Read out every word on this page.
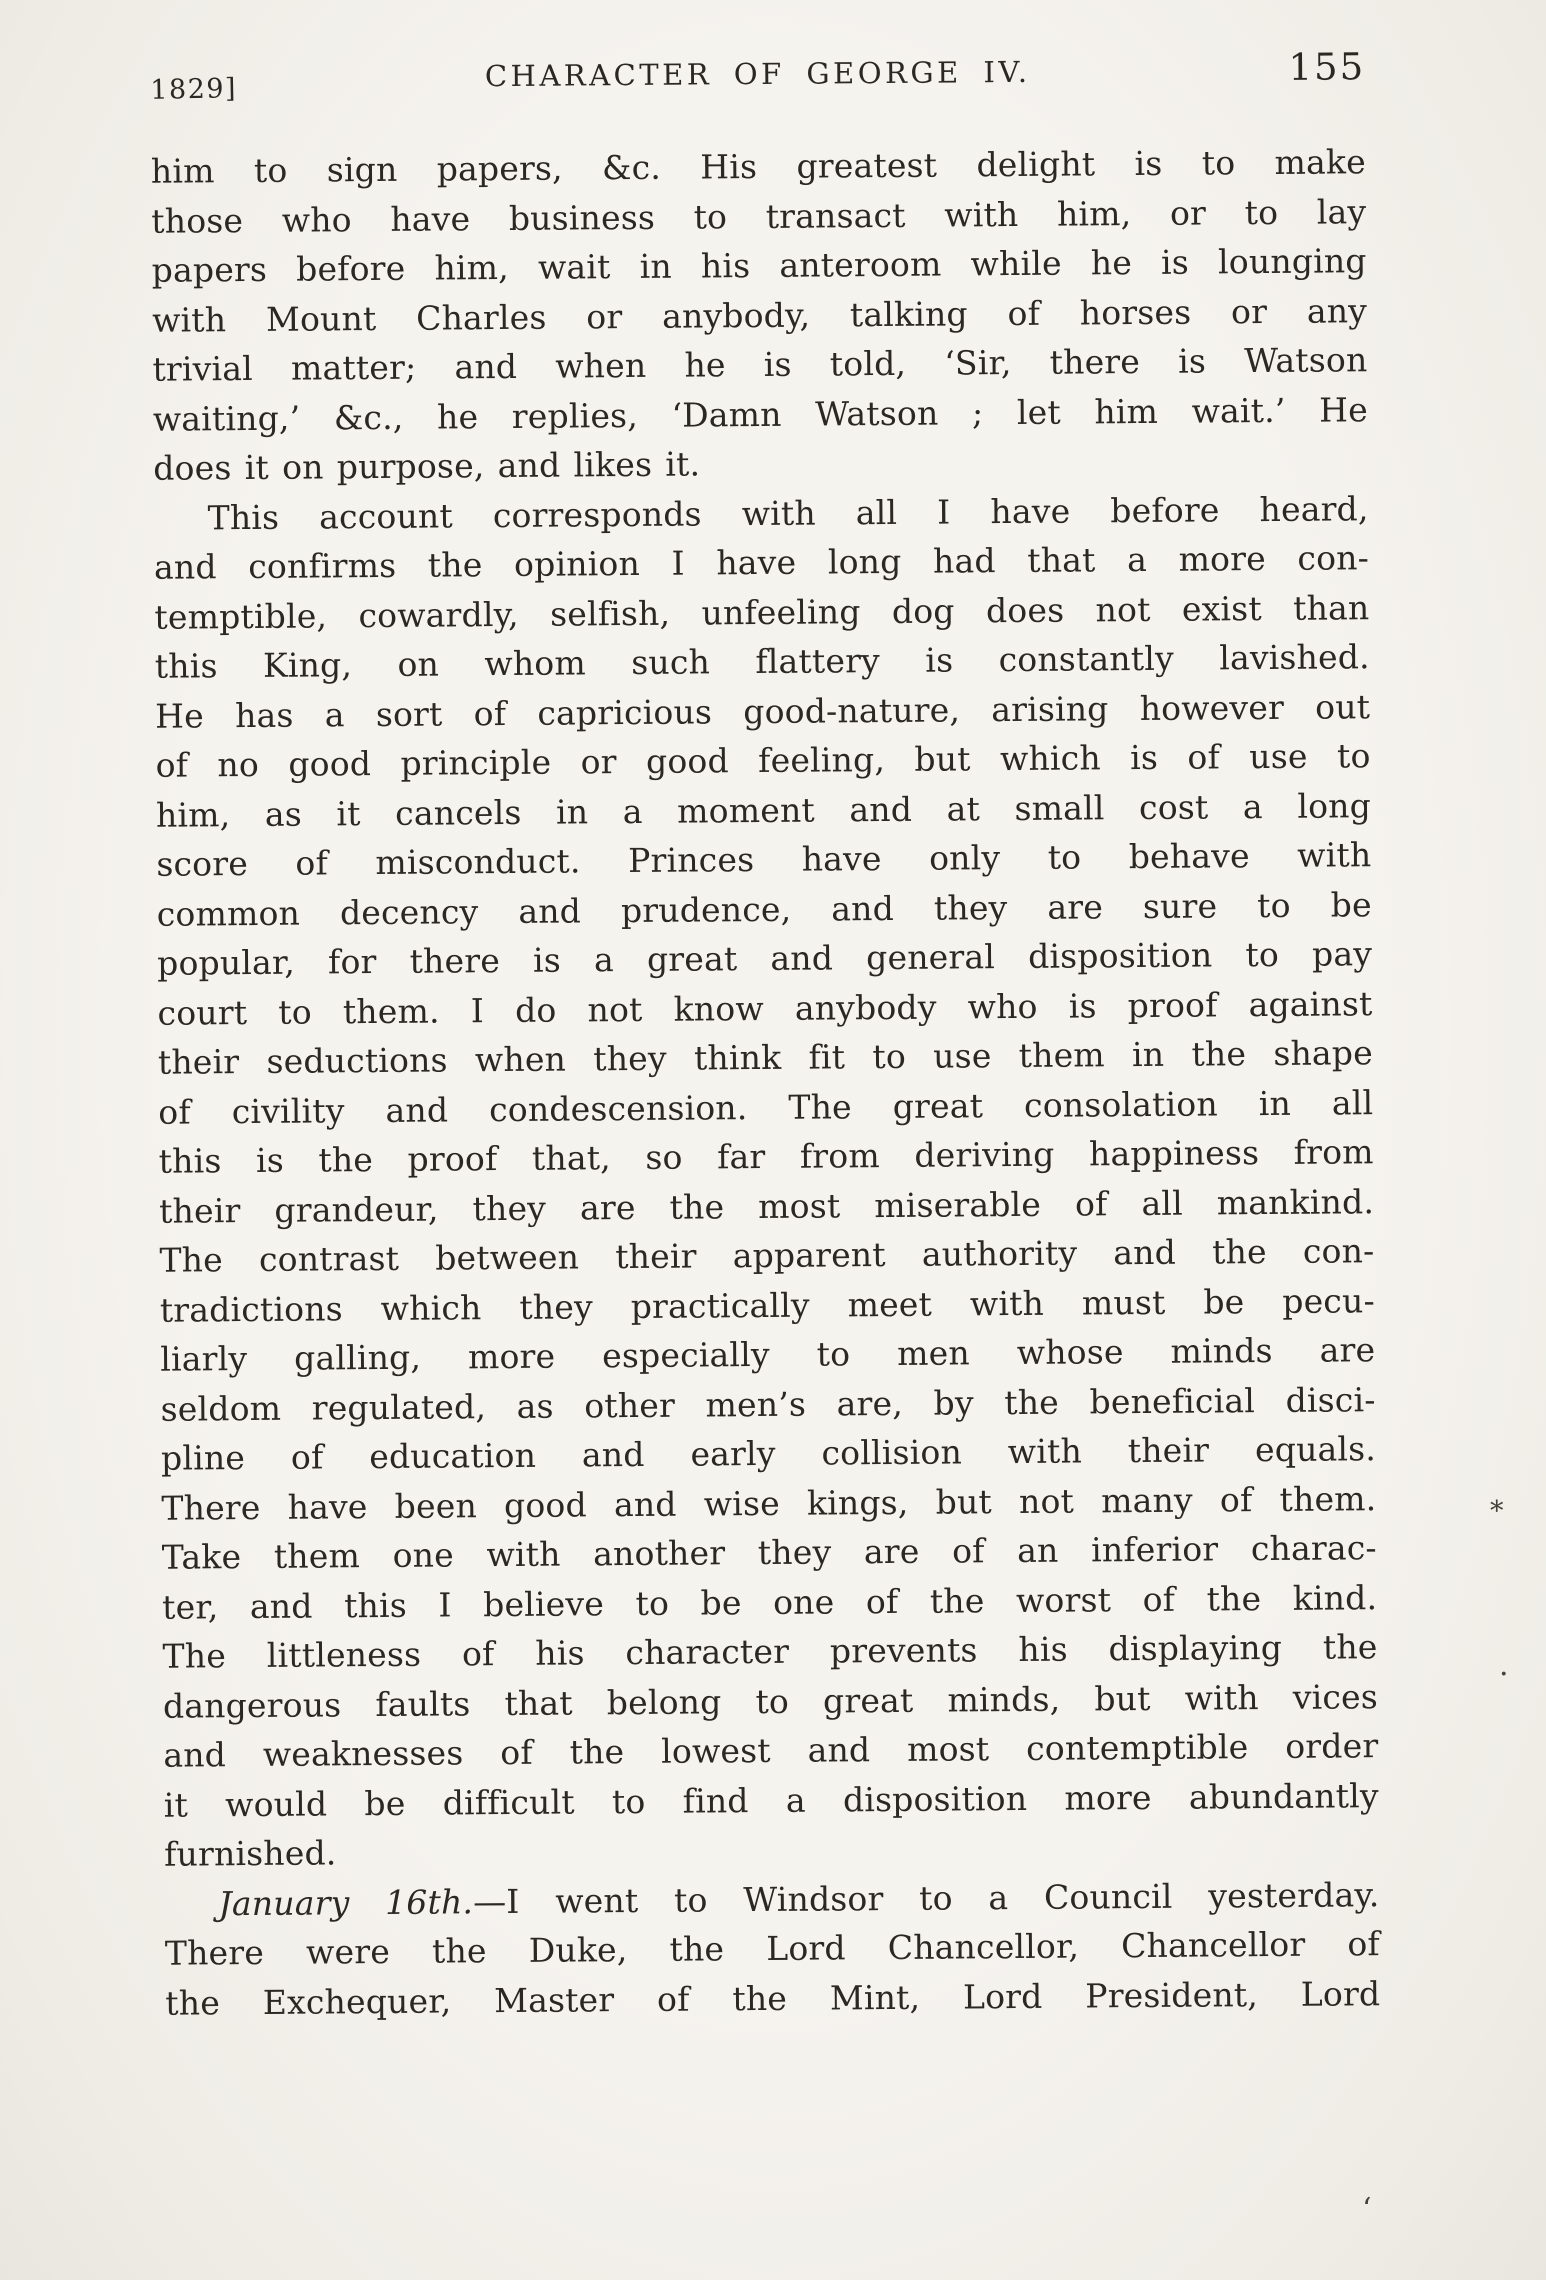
1829]	CHARACTER OF GEORGE IV.	155
him to sign papers, &c. His greatest delight is to make
those who have business to transact with him, or to lay
papers before him, wait in his anteroom while he is lounging
with Mount Charles or anybody, talking of horses or any
trivial matter; and when he is told, ‘Sir, there is Watson
waiting,’ &c., he replies, ‘Damn Watson ; let him wait.’ He
does it on purpose, and likes it.
This account corresponds with all I have before heard,
and confirms the opinion I have long had that a more con-
temptible, cowardly, selfish, unfeeling dog does not exist than
this King, on whom such flattery is constantly lavished.
He has a sort of capricious good-nature, arising however out
of no good principle or good feeling, but which is of use to
him, as it cancels in a moment and at small cost a long
score of misconduct. Princes have only to behave with
common decency and prudence, and they are sure to be
popular, for there is a great and general disposition to pay
court to them. I do not know anybody who is proof against
their seductions when they think fit to use them in the shape
of civility and condescension. The great consolation in all
this is the proof that, so far from deriving happiness from
their grandeur, they are the most miserable of all mankind.
The contrast between their apparent authority and the con-
tradictions which they practically meet with must be pecu-
liarly galling, more especially to men whose minds are
seldom regulated, as other men’s are, by the beneficial disci-
pline of education and early collision with their equals.
There have been good and wise kings, but not many of them.
Take them one with another they are of an inferior charac-
ter, and this I believe to be one of the worst of the kind.
The littleness of his character prevents his displaying the
dangerous faults that belong to great minds, but with vices
and weaknesses of the lowest and most contemptible order
it would be difficult to find a disposition more abundantly
furnished.
January 16th.—I went to Windsor to a Council yesterday.
There were the Duke, the Lord Chancellor, Chancellor of
the Exchequer, Master of the Mint, Lord President, Lord
*
.
‘
